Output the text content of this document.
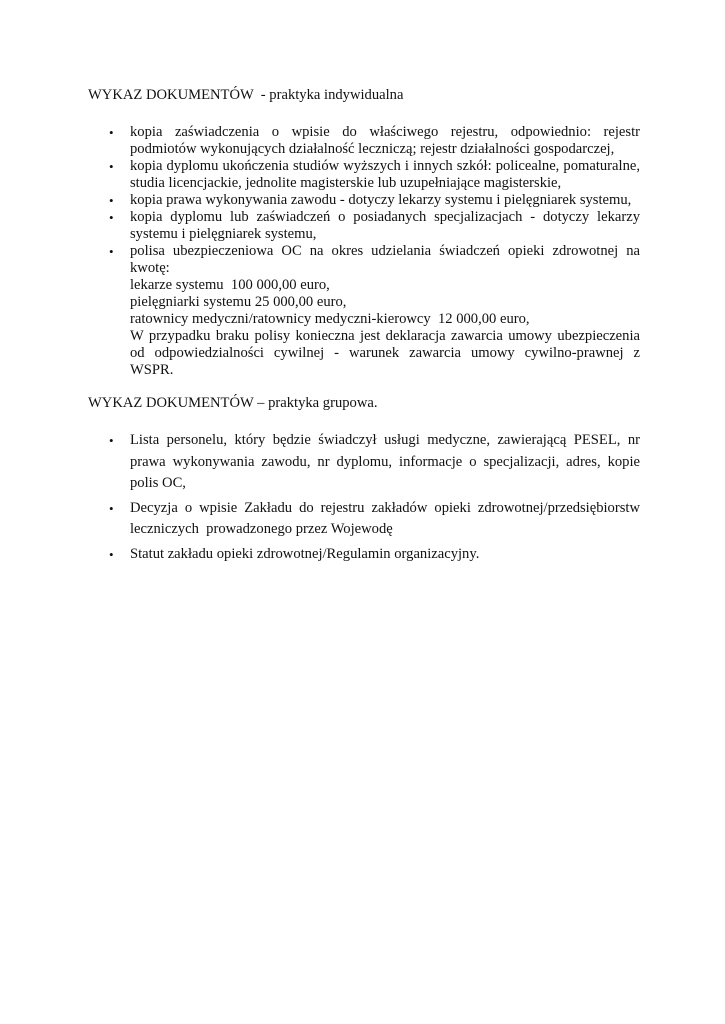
WYKAZ DOKUMENTÓW  - praktyka indywidualna
• kopia zaświadczenia o wpisie do właściwego rejestru, odpowiednio: rejestr
podmiotów wykonujących działalność leczniczą; rejestr działalności gospodarczej,
• kopia dyplomu ukończenia studiów wyższych i innych szkół: policealne, pomaturalne,
studia licencjackie, jednolite magisterskie lub uzupełniające magisterskie,
• kopia prawa wykonywania zawodu - dotyczy lekarzy systemu i pielęgniarek systemu,
• kopia dyplomu lub zaświadczeń o posiadanych specjalizacjach - dotyczy lekarzy
systemu i pielęgniarek systemu,
• polisa ubezpieczeniowa OC na okres udzielania świadczeń opieki zdrowotnej na
kwotę:
lekarze systemu  100 000,00 euro,
pielęgniarki systemu 25 000,00 euro,
ratownicy medyczni/ratownicy medyczni-kierowcy  12 000,00 euro,
W przypadku braku polisy konieczna jest deklaracja zawarcia umowy ubezpieczenia
od odpowiedzialności cywilnej - warunek zawarcia umowy cywilno-prawnej z
WSPR.
WYKAZ DOKUMENTÓW – praktyka grupowa.
• Lista personelu, który będzie świadczył usługi medyczne, zawierającą PESEL, nr
prawa wykonywania zawodu, nr dyplomu, informacje o specjalizacji, adres, kopie
polis OC,
• Decyzja o wpisie Zakładu do rejestru zakładów opieki zdrowotnej/przedsiębiorstw
leczniczych  prowadzonego przez Wojewodę
• Statut zakładu opieki zdrowotnej/Regulamin organizacyjny.
